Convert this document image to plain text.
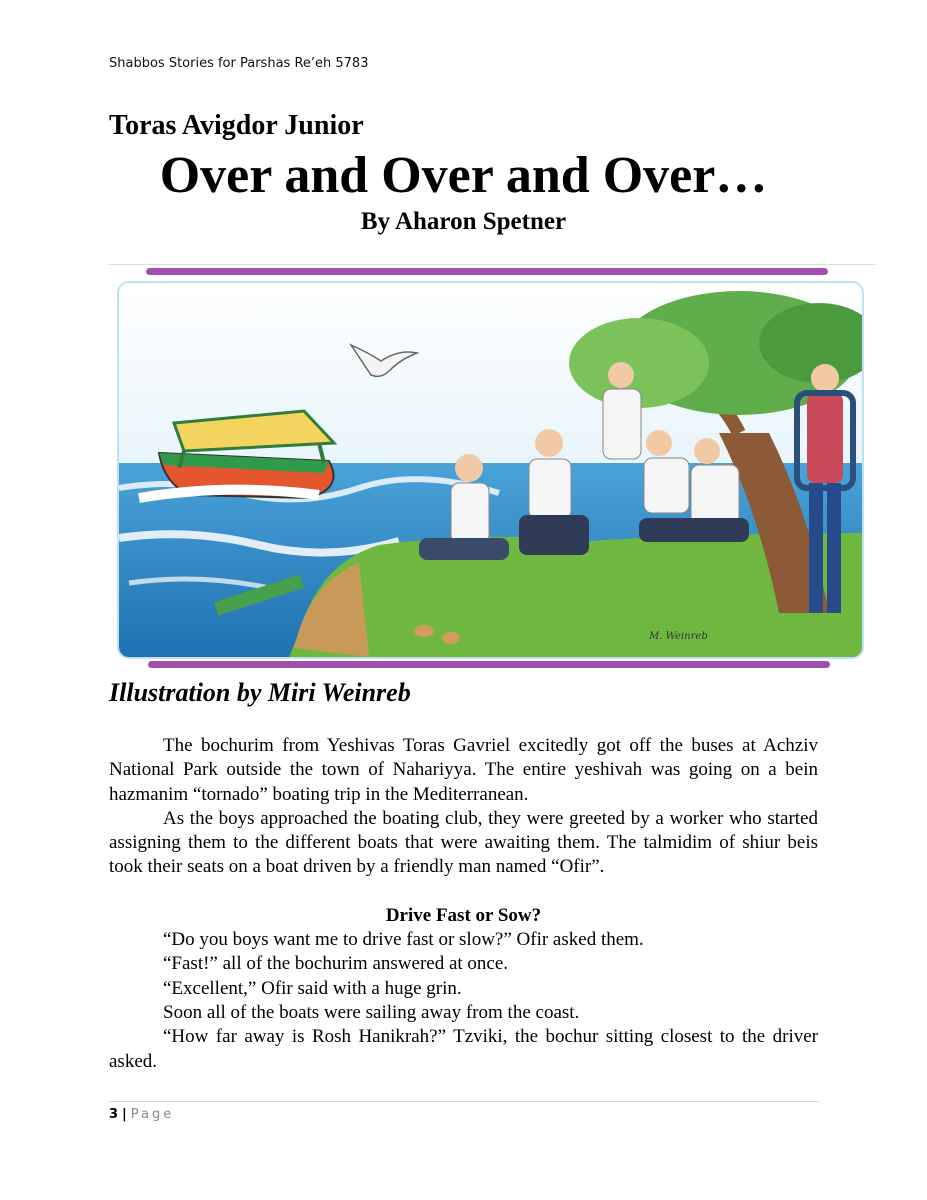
Shabbos Stories for Parshas Re’eh 5783
Toras Avigdor Junior
Over and Over and Over…
By Aharon Spetner
M. Weinreb
Illustration by Miri Weinreb

The bochurim from Yeshivas Toras Gavriel excitedly got off the buses at Achziv National Park outside the town of Nahariyya. The entire yeshivah was going on a bein hazmanim “tornado” boating trip in the Mediterranean.

As the boys approached the boating club, they were greeted by a worker who started assigning them to the different boats that were awaiting them. The talmidim of shiur beis took their seats on a boat driven by a friendly man named “Ofir”.

Drive Fast or Sow?

“Do you boys want me to drive fast or slow?” Ofir asked them.

“Fast!” all of the bochurim answered at once.

“Excellent,” Ofir said with a huge grin.

Soon all of the boats were sailing away from the coast.

“How far away is Rosh Hanikrah?” Tzviki, the bochur sitting closest to the driver asked.

3 | Page
